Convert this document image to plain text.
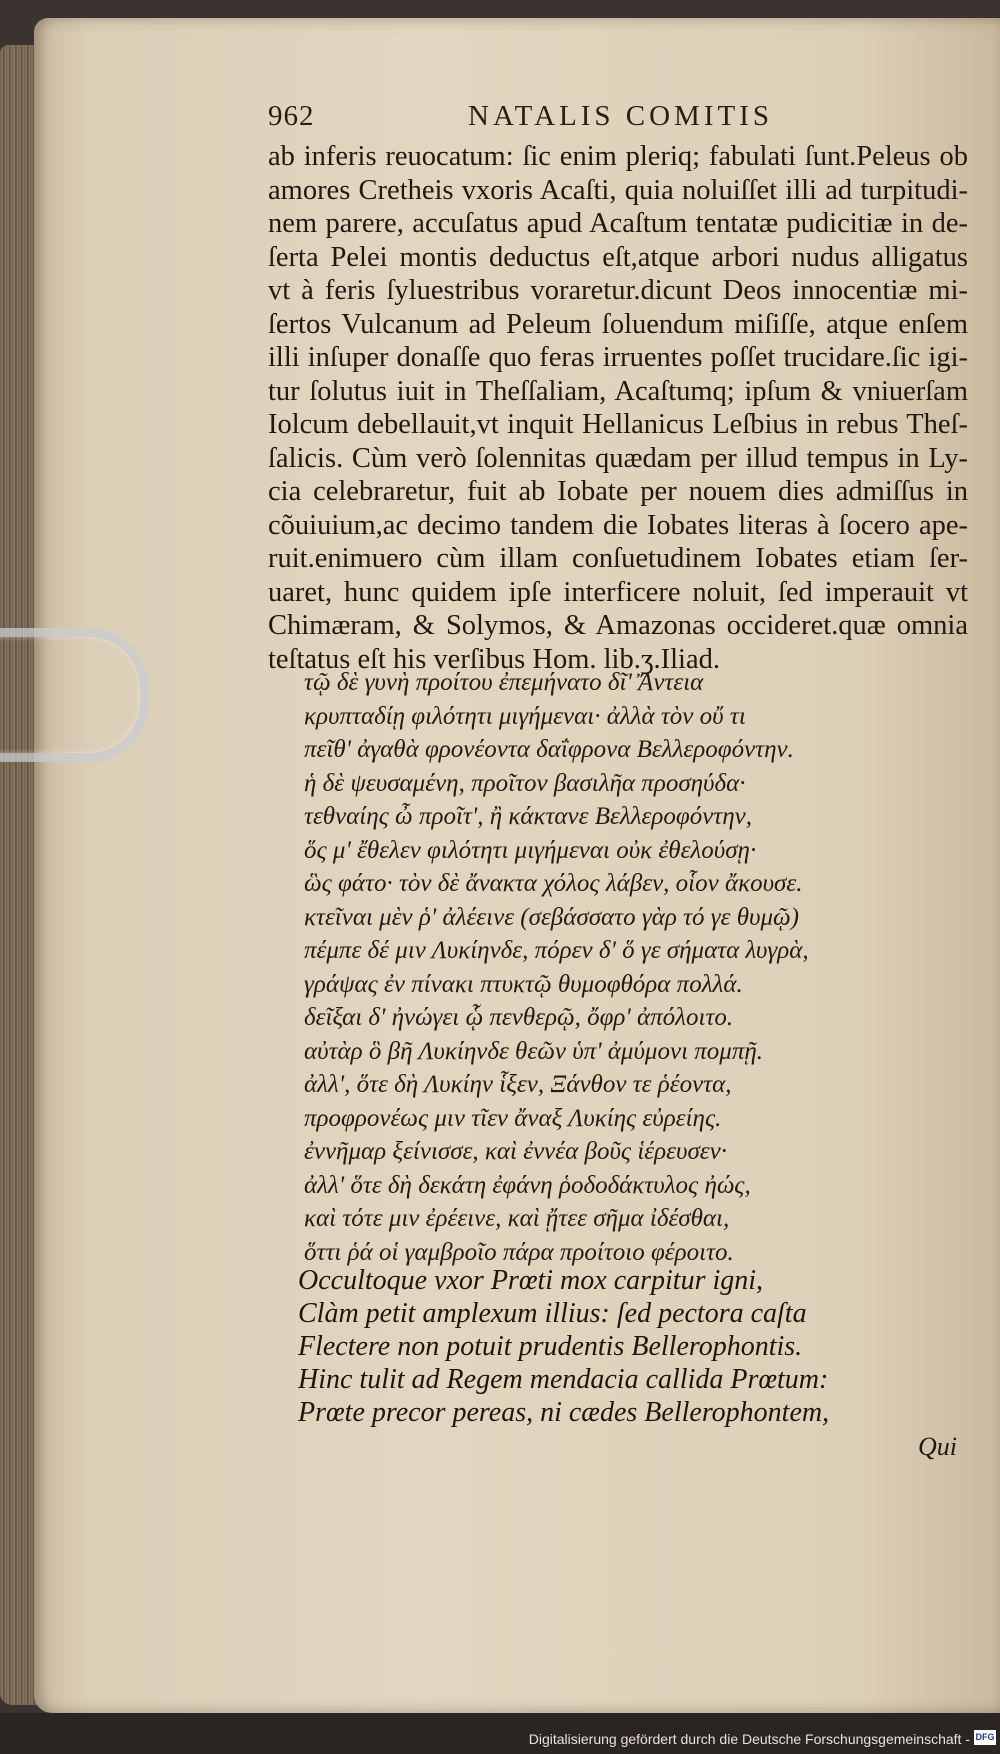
962	NATALIS COMITIS
ab inferis reuocatum: ſic enim pleriq; fabulati ſunt.Peleus ob
amores Cretheis vxoris Acaſti, quia noluiſſet illi ad turpitudi-
nem parere, accuſatus apud Acaſtum tentatæ pudicitiæ in de-
ſerta Pelei montis deductus eſt,atque arbori nudus alligatus
vt à feris ſyluestribus voraretur.dicunt Deos innocentiæ mi-
ſertos Vulcanum ad Peleum ſoluendum miſiſſe, atque enſem
illi inſuper donaſſe quo feras irruentes poſſet trucidare.ſic igi-
tur ſolutus iuit in Theſſaliam, Acaſtumq; ipſum & vniuerſam
Iolcum debellauit,vt inquit Hellanicus Leſbius in rebus Theſ-
ſalicis. Cùm verò ſolennitas quædam per illud tempus in Ly-
cia celebraretur, fuit ab Iobate per nouem dies admiſſus in
cõuiuium,ac decimo tandem die Iobates literas à ſocero ape-
ruit.enimuero cùm illam conſuetudinem Iobates etiam ſer-
uaret, hunc quidem ipſe interficere noluit, ſed imperauit vt
Chimæram, & Solymos, & Amazonas occideret.quæ omnia
teſtatus eſt his verſibus Hom. lib.ʒ.Iliad.
τῷ δὲ γυνὴ προίτου ἐπεμήνατο δῖ' Ἄντεια
κρυπταδίῃ φιλότητι μιγήμεναι· ἀλλὰ τὸν οὔ τι
πεῖθ' ἀγαθὰ φρονέοντα δαΐφρονα Βελλεροφόντην.
ἡ δὲ ψευσαμένη, προῖτον βασιλῆα προσηύδα·
τεθναίης ὦ προῖτ', ἢ κάκτανε Βελλεροφόντην,
ὅς μ' ἔθελεν φιλότητι μιγήμεναι οὐκ ἐθελούσῃ·
ὣς φάτο· τὸν δὲ ἄνακτα χόλος λάβεν, οἷον ἄκουσε.
κτεῖναι μὲν ῥ' ἀλέεινε (σεβάσσατο γὰρ τό γε θυμῷ)
πέμπε δέ μιν Λυκίηνδε, πόρεν δ' ὅ γε σήματα λυγρὰ,
γράψας ἐν πίνακι πτυκτῷ θυμοφθόρα πολλά.
δεῖξαι δ' ἠνώγει ᾧ πενθερῷ, ὄφρ' ἀπόλοιτο.
αὐτὰρ ὃ βῆ Λυκίηνδε θεῶν ὑπ' ἀμύμονι πομπῇ.
ἀλλ', ὅτε δὴ Λυκίην ἷξεν, Ξάνθον τε ῥέοντα,
προφρονέως μιν τῖεν ἄναξ Λυκίης εὐρείης.
ἐννῆμαρ ξείνισσε, καὶ ἐννέα βοῦς ἱέρευσεν·
ἀλλ' ὅτε δὴ δεκάτη ἐφάνη ῥοδοδάκτυλος ἠώς,
καὶ τότε μιν ἐρέεινε, καὶ ᾔτεε σῆμα ἰδέσθαι,
ὅττι ῥά οἱ γαμβροῖο πάρα προίτοιο φέροιτο.
Occultoque vxor Prœti mox carpitur igni,
Clàm petit amplexum illius: ſed pectora caſta
Flectere non potuit prudentis Bellerophontis.
Hinc tulit ad Regem mendacia callida Prœtum:
Prœte precor pereas, ni cædes Bellerophontem,
Qui
Digitalisierung gefördert durch die Deutsche Forschungsgemeinschaft - DFG
